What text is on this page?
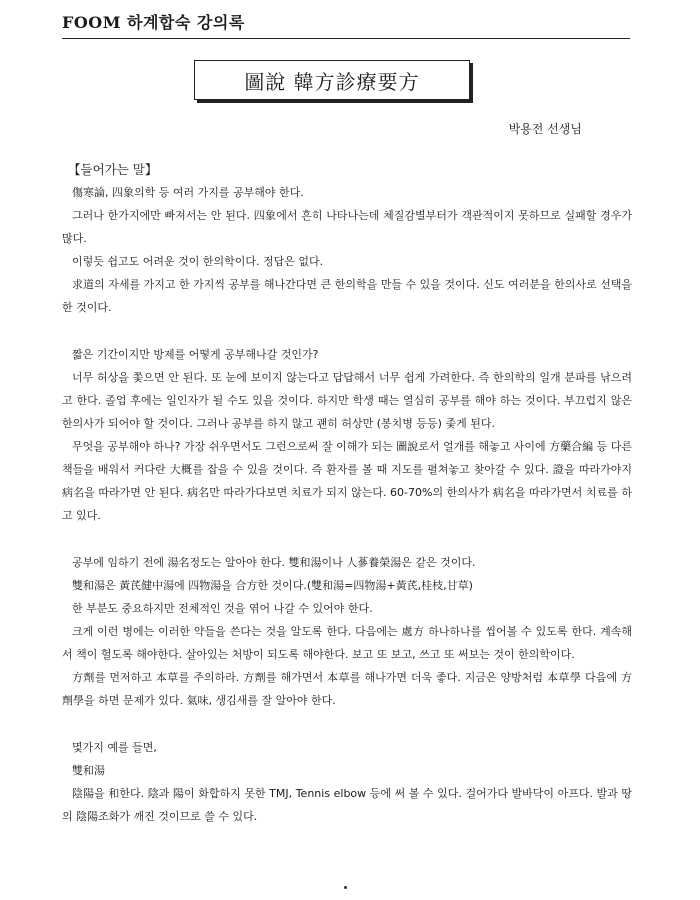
FOOM 하계합숙 강의록
圖說 韓方診療要方
박용전 선생님

【들어가는 말】

傷寒論, 四象의학 등 여러 가지를 공부해야 한다.

그러나 한가지에만 빠져서는 안 된다. 四象에서 흔히 나타나는데 체질감별부터가 객관적이지 못하므로 실패할 경우가 많다.

이렇듯 쉽고도 어려운 것이 한의학이다. 정답은 없다.

求道의 자세를 가지고 한 가지씩 공부를 해나간다면 큰 한의학을 만들 수 있을 것이다. 신도 여러분을 한의사로 선택을 한 것이다.

짧은 기간이지만 방제를 어떻게 공부해나갈 것인가?

너무 허상을 쫓으면 안 된다. 또 눈에 보이지 않는다고 답답해서 너무 쉽게 가려한다. 즉 한의학의 일개 분파를 낚으려고 한다. 졸업 후에는 일인자가 될 수도 있을 것이다. 하지만 학생 때는 열심히 공부를 해야 하는 것이다. 부끄럽지 않은 한의사가 되어야 할 것이다. 그러나 공부를 하지 않고 괜히 허상만 (봉치병 등등) 좇게 된다.

무엇을 공부해야 하나? 가장 쉬우면서도 그런으로써 잘 이해가 되는 圖說로서 얼개를 해놓고 사이에 方藥合編 등 다른 책들을 배워서 커다란 大概를 잡을 수 있을 것이다. 즉 환자를 볼 때 지도를 펼쳐놓고 찾아갈 수 있다. 證을 따라가야지 病名을 따라가면 안 된다. 病名만 따라가다보면 치료가 되지 않는다. 60-70%의 한의사가 病名을 따라가면서 치료를 하고 있다.

공부에 임하기 전에 湯名정도는 알아야 한다. 雙和湯이나 人蔘養榮湯은 같은 것이다.

雙和湯은 黃芪健中湯에 四物湯을 合方한 것이다.(雙和湯=四物湯+黃芪,桂枝,甘草)

한 부분도 중요하지만 전체적인 것을 엮어 나갈 수 있어야 한다.

크게 이런 병에는 이러한 약들을 쓴다는 것을 알도록 한다. 다음에는 處方 하나하나를 씹어볼 수 있도록 한다. 계속해서 책이 헐도록 해야한다. 살아있는 처방이 되도록 해야한다. 보고 또 보고, 쓰고 또 써보는 것이 한의학이다.

方劑를 먼저하고 本草를 주의하라. 方劑를 해가면서 本草를 해나가면 더욱 좋다. 지금은 양방처럼 本草學 다음에 方劑學을 하면 문제가 있다. 氣味, 생김새를 잘 알아야 한다.

몇가지 예를 들면,

雙和湯

陰陽을 和한다. 陰과 陽이 화합하지 못한 TMJ, Tennis elbow 등에 써 볼 수 있다. 걸어가다 발바닥이 아프다. 발과 땅의 陰陽조화가 깨진 것이므로 쓸 수 있다.
